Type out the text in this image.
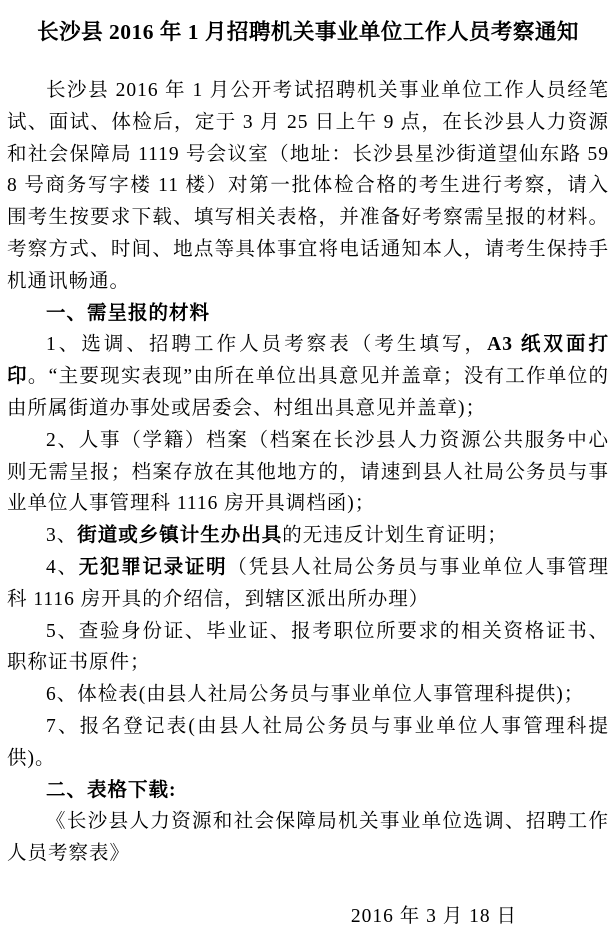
长沙县 2016 年 1 月招聘机关事业单位工作人员考察通知

长沙县 2016 年 1 月公开考试招聘机关事业单位工作人员经笔试、面试、体检后，定于 3 月 25 日上午 9 点，在长沙县人力资源和社会保障局 1119 号会议室（地址：长沙县星沙街道望仙东路 598 号商务写字楼 11 楼）对第一批体检合格的考生进行考察，请入围考生按要求下载、填写相关表格，并准备好考察需呈报的材料。考察方式、时间、地点等具体事宜将电话通知本人，请考生保持手机通讯畅通。

一、需呈报的材料

1、选调、招聘工作人员考察表（考生填写，A3 纸双面打印。“主要现实表现”由所在单位出具意见并盖章；没有工作单位的由所属街道办事处或居委会、村组出具意见并盖章)；

2、人事（学籍）档案（档案在长沙县人力资源公共服务中心则无需呈报；档案存放在其他地方的，请速到县人社局公务员与事业单位人事管理科 1116 房开具调档函)；

3、街道或乡镇计生办出具的无违反计划生育证明；

4、无犯罪记录证明（凭县人社局公务员与事业单位人事管理科 1116 房开具的介绍信，到辖区派出所办理）

5、查验身份证、毕业证、报考职位所要求的相关资格证书、职称证书原件；

6、体检表(由县人社局公务员与事业单位人事管理科提供)；

7、报名登记表(由县人社局公务员与事业单位人事管理科提供)。

二、表格下载:

《长沙县人力资源和社会保障局机关事业单位选调、招聘工作人员考察表》

2016 年 3 月 18 日
